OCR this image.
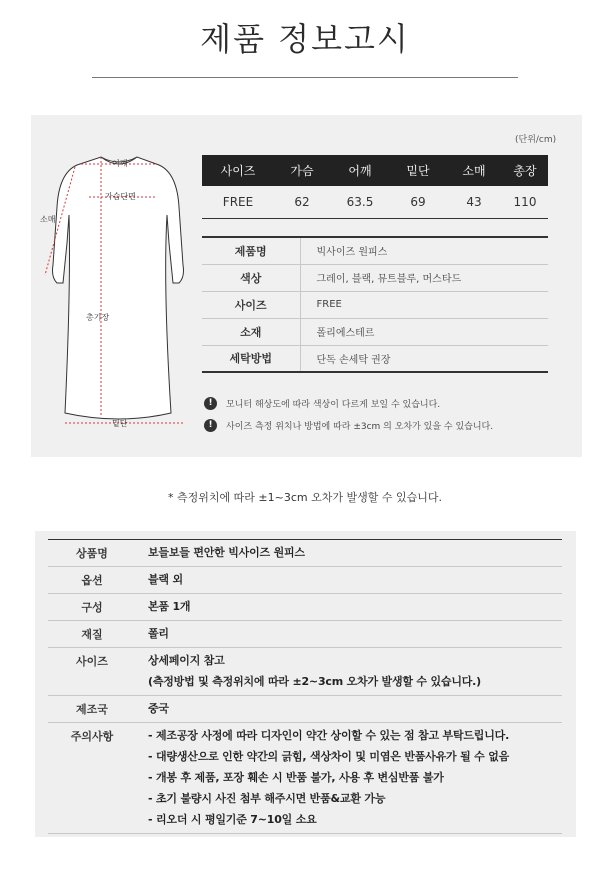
제품 정보고시
어깨
가슴단면
소매
총기장
밑단
(단위/cm)
사이즈	가슴	어깨	밑단	소매	총장
FREE	62	63.5	69	43	110
제품명	빅사이즈 원피스
색상	그레이, 블랙, 뮤트블루, 머스타드
사이즈	FREE
소재	폴리에스테르
세탁방법	단독 손세탁 권장
!	모니터 해상도에 따라 색상이 다르게 보일 수 있습니다.
!	사이즈 측정 위치나 방법에 따라 ±3cm 의 오차가 있을 수 있습니다.
* 측정위치에 따라 ±1~3cm 오차가 발생할 수 있습니다.
상품명	보들보들 편안한 빅사이즈 원피스
옵션	블랙 외
구성	본품 1개
재질	폴리
사이즈	상세페이지 참고
(측정방법 및 측정위치에 따라 ±2~3cm 오차가 발생할 수 있습니다.)
제조국	중국
주의사항	- 제조공장 사정에 따라 디자인이 약간 상이할 수 있는 점 참고 부탁드립니다.
- 대량생산으로 인한 약간의 긁힘, 색상차이 및 미염은 반품사유가 될 수 없음
- 개봉 후 제품, 포장 훼손 시 반품 불가, 사용 후 변심반품 불가
- 초기 불량시 사진 첨부 해주시면 반품&교환 가능
- 리오더 시 평일기준 7~10일 소요
